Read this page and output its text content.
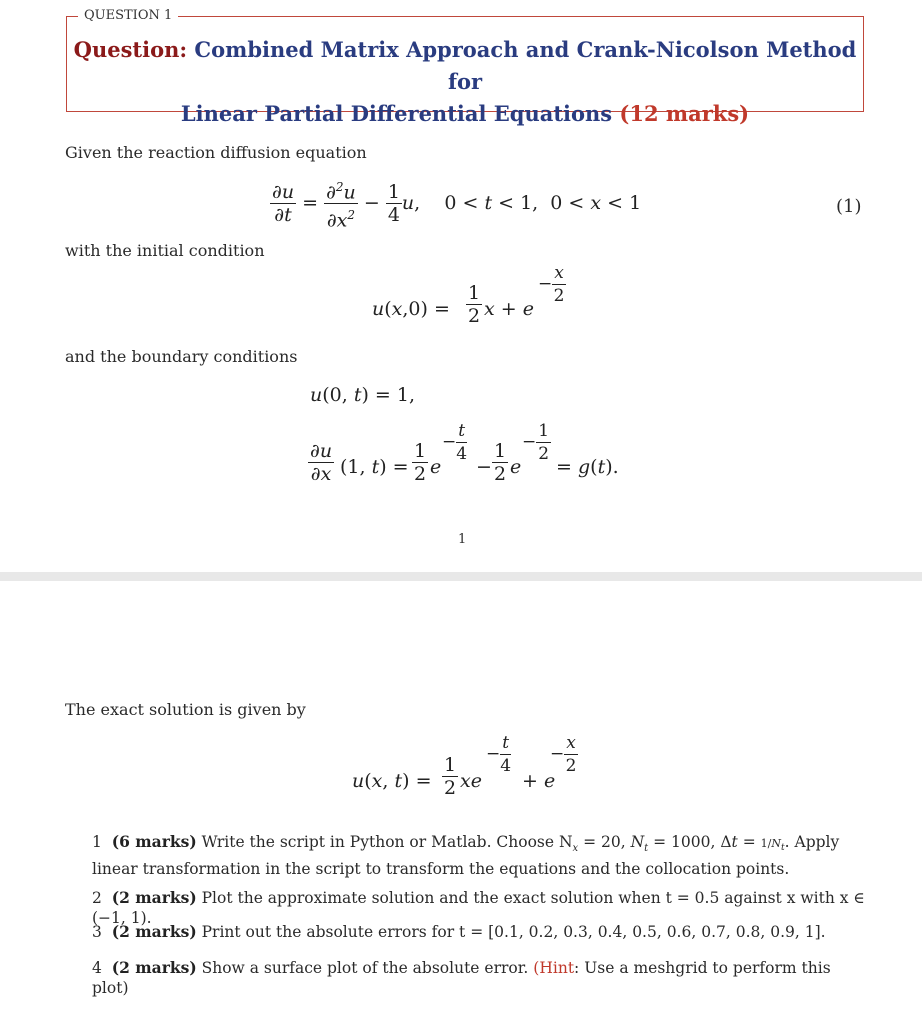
QUESTION 1
Question: Combined Matrix Approach and Crank-Nicolson Method for
Linear Partial Differential Equations (12 marks)
Given the reaction diffusion equation
$\frac{\partial u}{\partial t} = \frac{\partial^2u}{\partial x^2} - \frac{1}{4} u$,    0 < t < 1,  0 < x < 1	(1)
with the initial condition
$u(x,0) = \frac{1}{2}$ x + e
− $\frac{x}{2}$
and the boundary conditions
u(0, t) = 1,
$\frac{\partial u}{\partial x} (1$, $t) = \frac{1}{2}$ e
− $\frac{t}{4}$
− $\frac{1}{2}$ e
− $\frac{1}{2}$
= g(t).
1
The exact solution is given by
u(x, $t) = \frac{1}{2}$ xe
− $\frac{t}{4}$
+ e
− $\frac{x}{2}$
1 (6 marks) Write the script in Python or Matlab. Choose $N_x = 20$, $N_t = 1000$, $\Delta t = 1/N_t$. Apply linear transformation in the script to transform the equations and the collocation points.
2 (2 marks) Plot the approximate solution and the exact solution when t = 0.5 against x with x ∈ (−1, 1).
3 (2 marks) Print out the absolute errors for t = [0.1, 0.2, 0.3, 0.4, 0.5, 0.6, 0.7, 0.8, 0.9, 1].
4 (2 marks) Show a surface plot of the absolute error. (Hint: Use a meshgrid to perform this plot)
